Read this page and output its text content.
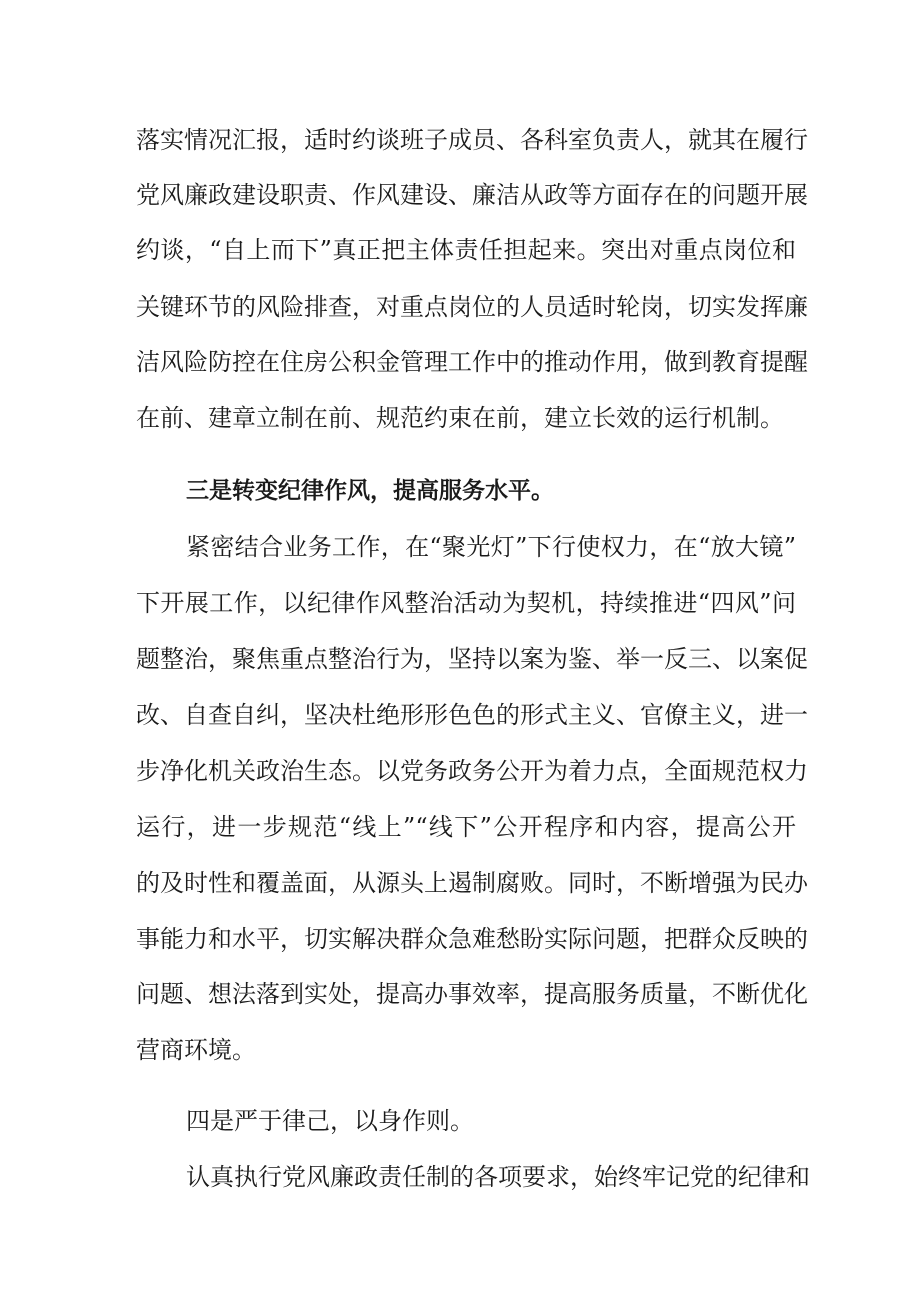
落实情况汇报，适时约谈班子成员、各科室负责人，就其在履行
党风廉政建设职责、作风建设、廉洁从政等方面存在的问题开展
约谈，“自上而下”真正把主体责任担起来。突出对重点岗位和
关键环节的风险排查，对重点岗位的人员适时轮岗，切实发挥廉
洁风险防控在住房公积金管理工作中的推动作用，做到教育提醒
在前、建章立制在前、规范约束在前，建立长效的运行机制。
三是转变纪律作风，提高服务水平。
紧密结合业务工作，在“聚光灯”下行使权力，在“放大镜”
下开展工作，以纪律作风整治活动为契机，持续推进“四风”问
题整治，聚焦重点整治行为，坚持以案为鉴、举一反三、以案促
改、自查自纠，坚决杜绝形形色色的形式主义、官僚主义，进一
步净化机关政治生态。以党务政务公开为着力点，全面规范权力
运行，进一步规范“线上”“线下”公开程序和内容，提高公开
的及时性和覆盖面，从源头上遏制腐败。同时，不断增强为民办
事能力和水平，切实解决群众急难愁盼实际问题，把群众反映的
问题、想法落到实处，提高办事效率，提高服务质量，不断优化
营商环境。
四是严于律己，以身作则。
认真执行党风廉政责任制的各项要求，始终牢记党的纪律和
